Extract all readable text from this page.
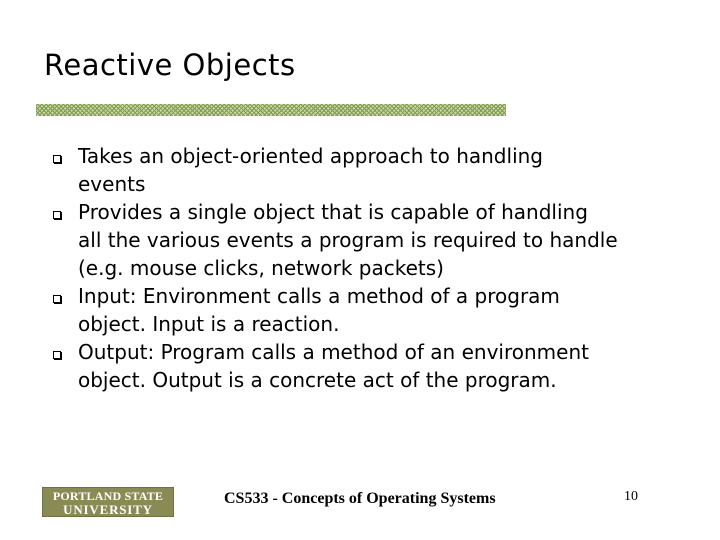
Reactive Objects
Takes an object-oriented approach to handling
events
Provides a single object that is capable of handling
all the various events a program is required to handle
(e.g. mouse clicks, network packets)
Input: Environment calls a method of a program
object. Input is a reaction.
Output: Program calls a method of an environment
object. Output is a concrete act of the program.
PORTLAND STATE
UNIVERSITY
CS533 - Concepts of Operating Systems	10
